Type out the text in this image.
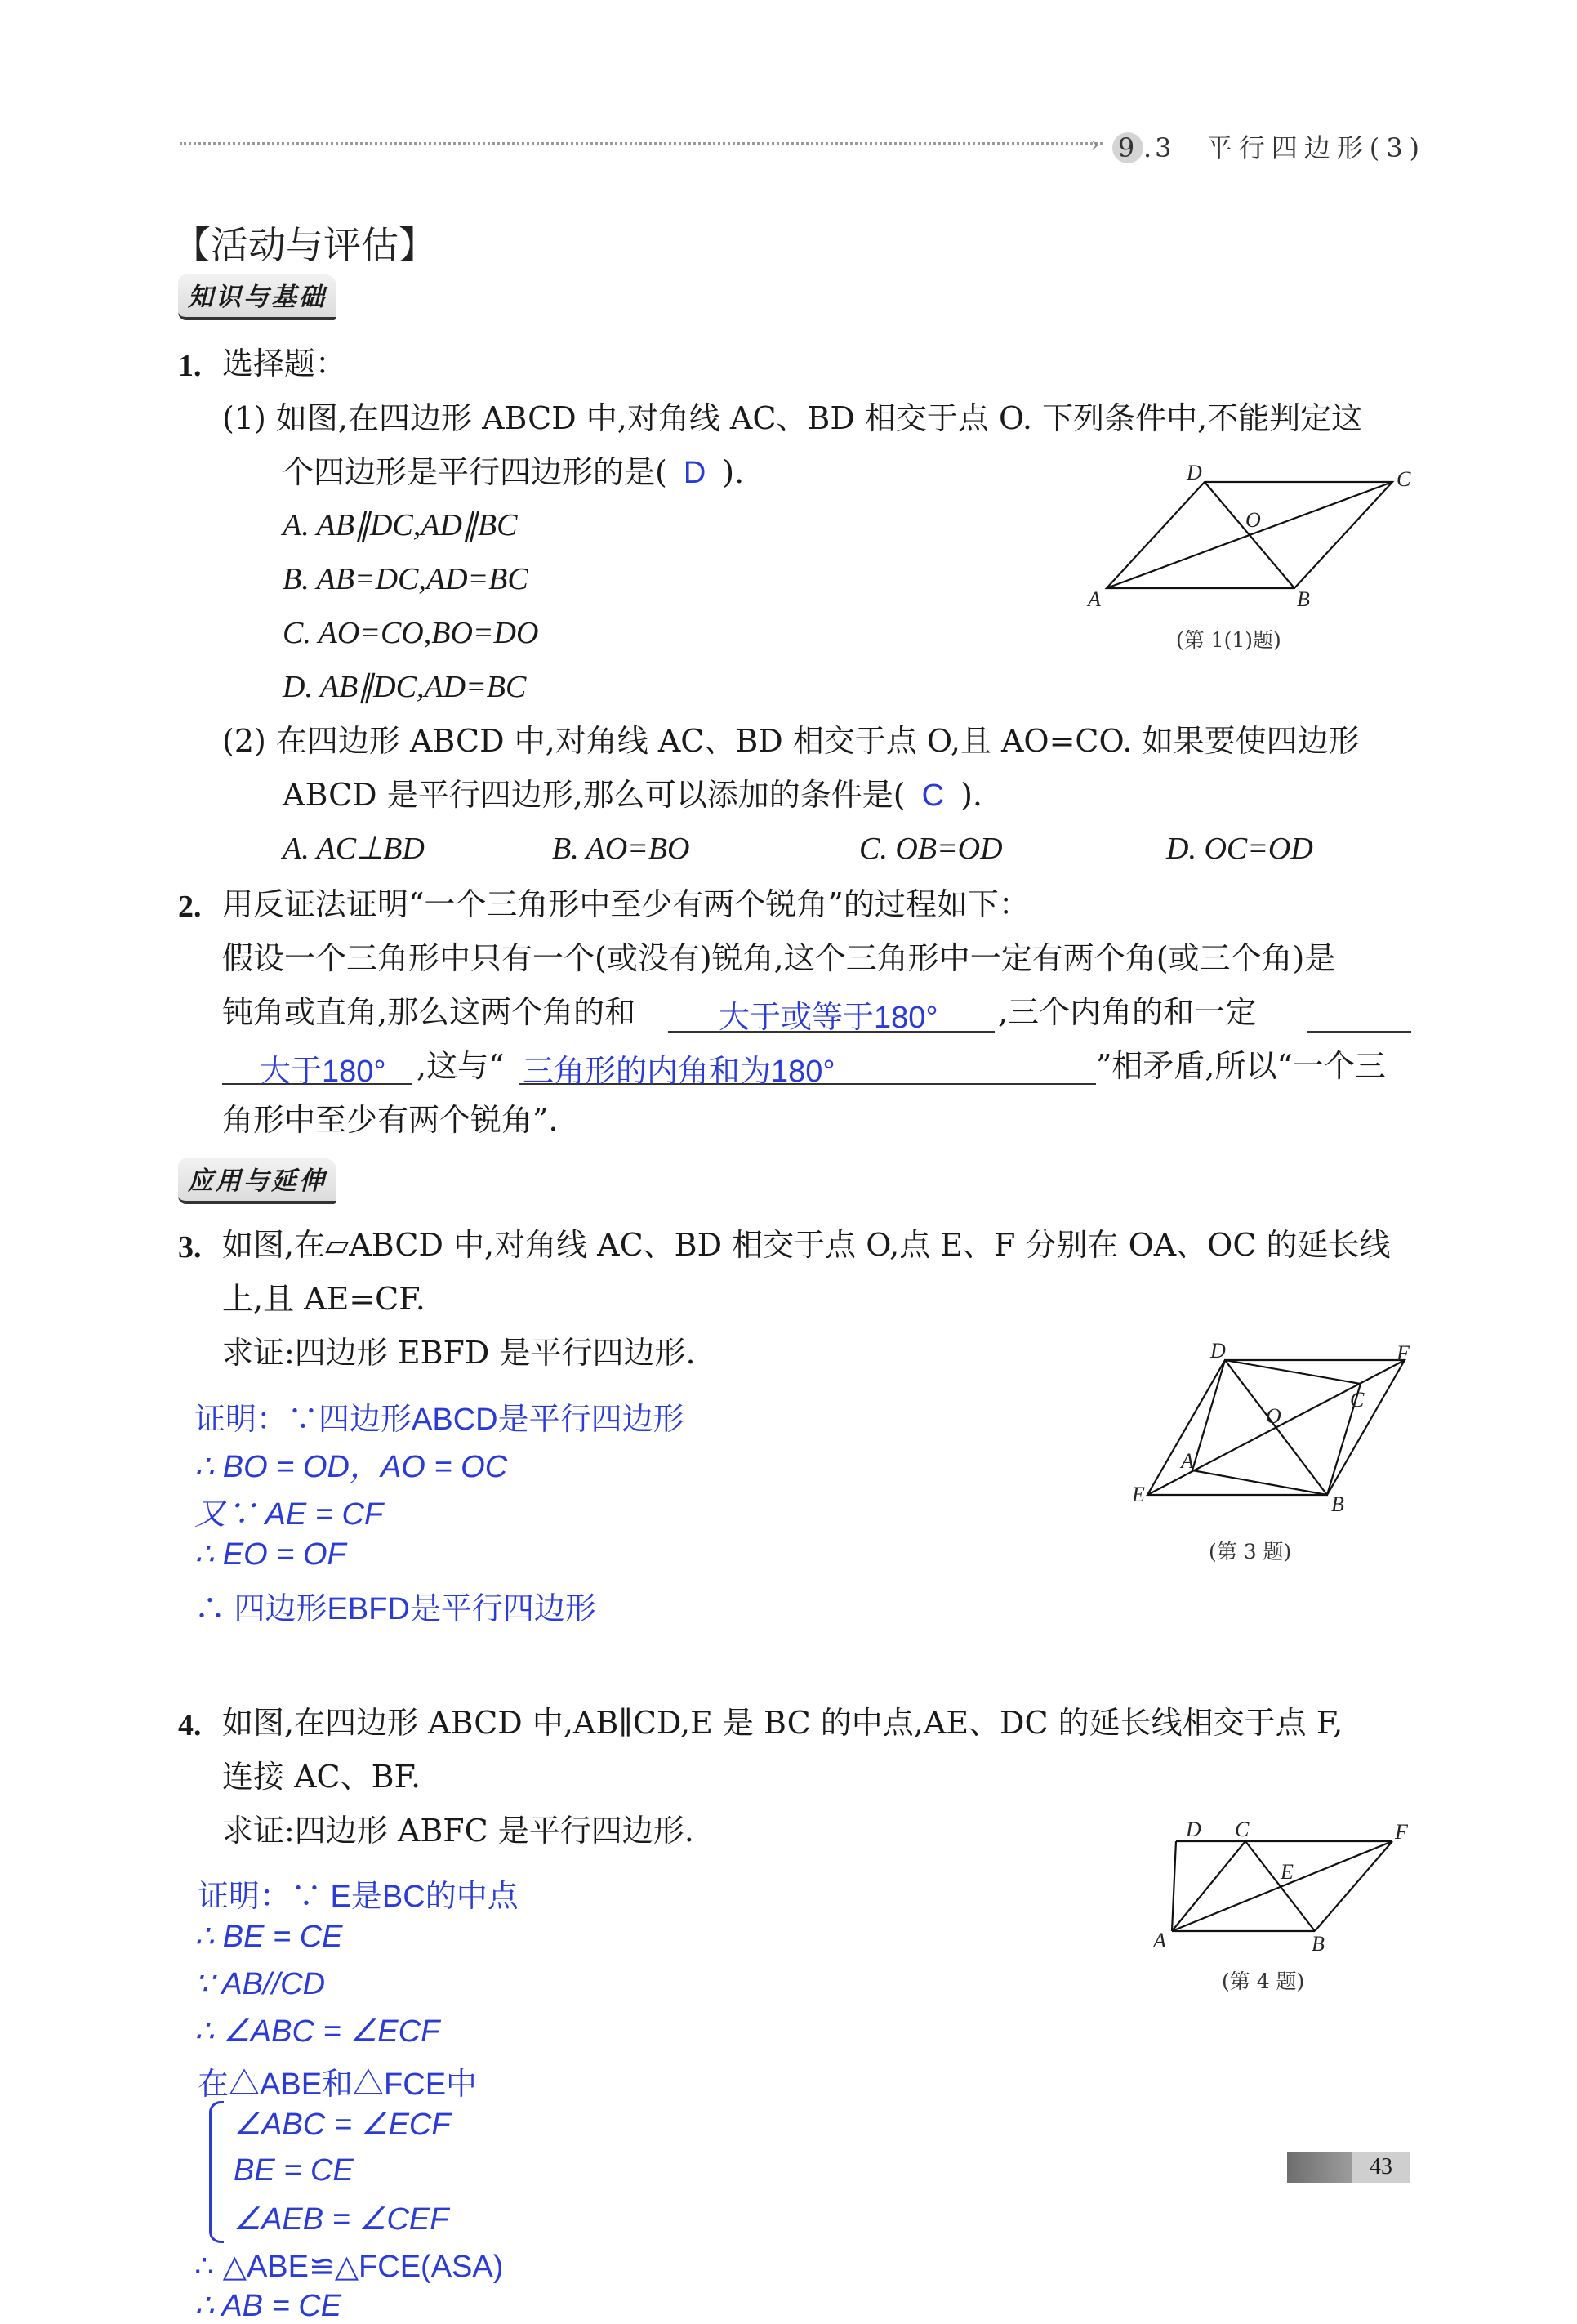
› 9 .3 平行四边形(3)
【活动与评估】
知识与基础
1. 选择题：
(1) 如图,在四边形 ABCD 中,对角线 AC、BD 相交于点 O. 下列条件中,不能判定这
个四边形是平行四边形的是( D ).
A. AB∥DC,AD∥BC
B. AB=DC,AD=BC
C. AO=CO,BO=DO
D. AB∥DC,AD=BC
A	B
C
D
O
(第 1(1)题)
(2) 在四边形 ABCD 中,对角线 AC、BD 相交于点 O,且 AO=CO. 如果要使四边形
ABCD 是平行四边形,那么可以添加的条件是( C ).
A. AC⊥BD	B. AO=BO	C. OB=OD	D. OC=OD
2. 用反证法证明“一个三角形中至少有两个锐角”的过程如下：
假设一个三角形中只有一个(或没有)锐角,这个三角形中一定有两个角(或三个角)是
钝角或直角,那么这两个角的和	大于或等于180° ,三个内角的和一定
大于180° ,这与“ 三角形的内角和为180°	”相矛盾,所以“一个三
角形中至少有两个锐角”.
应用与延伸
3. 如图,在▱ABCD 中,对角线 AC、BD 相交于点 O,点 E、F 分别在 OA、OC 的延长线
上,且 AE=CF.
求证:四边形 EBFD 是平行四边形.
证明：∵四边形ABCD是平行四边形
∴ BO = OD，AO = OC
又∵ AE = CF
∴ EO = OF
∴ 四边形EBFD是平行四边形
A
B
C
D
E
F
O
(第 3 题)
4. 如图,在四边形 ABCD 中,AB∥CD,E 是 BC 的中点,AE、DC 的延长线相交于点 F,
连接 AC、BF.
求证:四边形 ABFC 是平行四边形.
证明：∵ E是BC的中点
∴ BE = CE
∵ AB//CD
∴ ∠ABC = ∠ECF
在△ABE和△FCE中
∠ABC = ∠ECF
BE = CE
∠AEB = ∠CEF
∴ △ABE≌△FCE(ASA)
∴ AB = CE
A	B
C
D
E
F
(第 4 题)
43
